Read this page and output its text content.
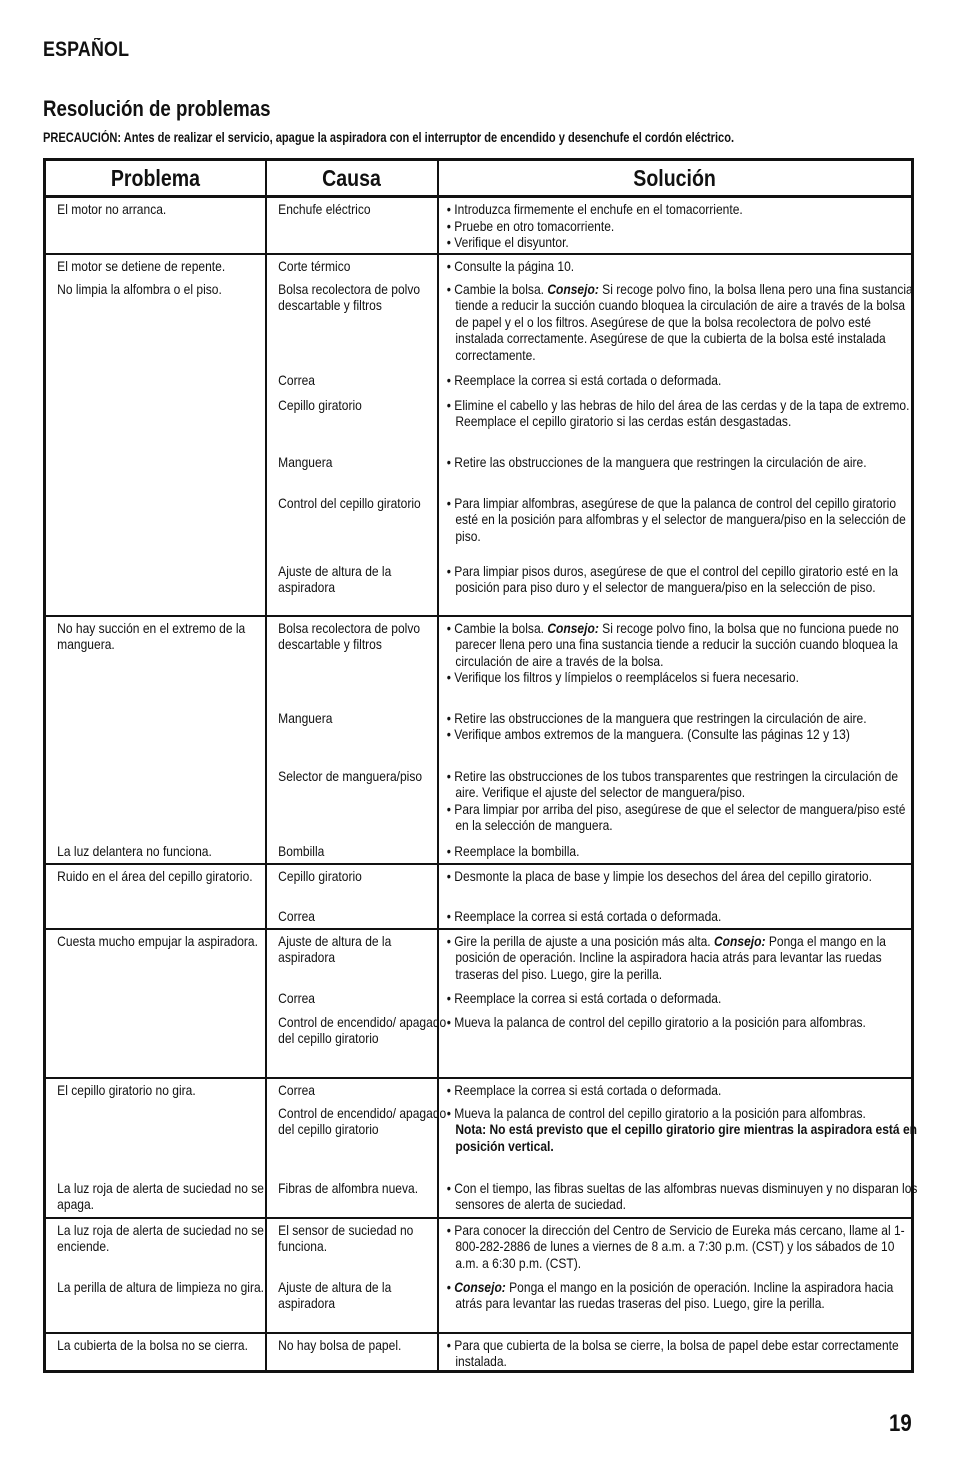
ESPAÑOL
Resolución de problemas
PRECAUCIÓN: Antes de realizar el servicio, apague la aspiradora con el interruptor de encendido y desenchufe el cordón eléctrico.
Problema	Causa	Solución

El motor no arranca.	Enchufe eléctrico	• Introduzca firmemente el enchufe en el tomacorriente.
• Pruebe en otro tomacorriente.
• Verifique el disyuntor.

El motor se detiene de repente.	Corte térmico	• Consulte la página 10.

No limpia la alfombra o el piso.	Bolsa recolectora de polvo descartable y filtros	• Cambie la bolsa. Consejo: Si recoge polvo fino, la bolsa llena pero una fina sustancia tiende a reducir la succión cuando bloquea la circulación de aire a través de la bolsa de papel y el o los filtros. Asegúrese de que la bolsa recolectora de polvo esté instalada correctamente. Asegúrese de que la cubierta de la bolsa esté instalada correctamente.

	Correa	• Reemplace la correa si está cortada o deformada.

	Cepillo giratorio	• Elimine el cabello y las hebras de hilo del área de las cerdas y de la tapa de extremo. Reemplace el cepillo giratorio si las cerdas están desgastadas.

	Manguera	• Retire las obstrucciones de la manguera que restringen la circulación de aire.

	Control del cepillo giratorio	• Para limpiar alfombras, asegúrese de que la palanca de control del cepillo giratorio esté en la posición para alfombras y el selector de manguera/piso en la selección de piso.

	Ajuste de altura de la aspiradora	• Para limpiar pisos duros, asegúrese de que el control del cepillo giratorio esté en la posición para piso duro y el selector de manguera/piso en la selección de piso.

No hay succión en el extremo de la manguera.	Bolsa recolectora de polvo descartable y filtros	• Cambie la bolsa. Consejo: Si recoge polvo fino, la bolsa que no funciona puede no parecer llena pero una fina sustancia tiende a reducir la succión cuando bloquea la circulación de aire a través de la bolsa.
• Verifique los filtros y límpielos o reemplácelos si fuera necesario.

	Manguera	• Retire las obstrucciones de la manguera que restringen la circulación de aire.
• Verifique ambos extremos de la manguera. (Consulte las páginas 12 y 13)

	Selector de manguera/piso	• Retire las obstrucciones de los tubos transparentes que restringen la circulación de aire. Verifique el ajuste del selector de manguera/piso.
• Para limpiar por arriba del piso, asegúrese de que el selector de manguera/piso esté en la selección de manguera.

La luz delantera no funciona.	Bombilla	• Reemplace la bombilla.

Ruido en el área del cepillo giratorio.	Cepillo giratorio	• Desmonte la placa de base y limpie los desechos del área del cepillo giratorio.

	Correa	• Reemplace la correa si está cortada o deformada.

Cuesta mucho empujar la aspiradora.	Ajuste de altura de la aspiradora	• Gire la perilla de ajuste a una posición más alta. Consejo: Ponga el mango en la posición de operación. Incline la aspiradora hacia atrás para levantar las ruedas traseras del piso. Luego, gire la perilla.

	Correa	• Reemplace la correa si está cortada o deformada.

	Control de encendido/ apagado del cepillo giratorio	• Mueva la palanca de control del cepillo giratorio a la posición para alfombras.

El cepillo giratorio no gira.	Correa	• Reemplace la correa si está cortada o deformada.

	Control de encendido/ apagado del cepillo giratorio	• Mueva la palanca de control del cepillo giratorio a la posición para alfombras.
Nota: No está previsto que el cepillo giratorio gire mientras la aspiradora está en posición vertical.

La luz roja de alerta de suciedad no se apaga.	Fibras de alfombra nueva.	• Con el tiempo, las fibras sueltas de las alfombras nuevas disminuyen y no disparan los sensores de alerta de suciedad.

La luz roja de alerta de suciedad no se enciende.	El sensor de suciedad no funciona.	• Para conocer la dirección del Centro de Servicio de Eureka más cercano, llame al 1-800-282-2886 de lunes a viernes de 8 a.m. a 7:30 p.m. (CST) y los sábados de 10 a.m. a 6:30 p.m. (CST).

La perilla de altura de limpieza no gira.	Ajuste de altura de la aspiradora	• Consejo: Ponga el mango en la posición de operación. Incline la aspiradora hacia atrás para levantar las ruedas traseras del piso. Luego, gire la perilla.

La cubierta de la bolsa no se cierra.	No hay bolsa de papel.	• Para que cubierta de la bolsa se cierre, la bolsa de papel debe estar correctamente instalada.
19
